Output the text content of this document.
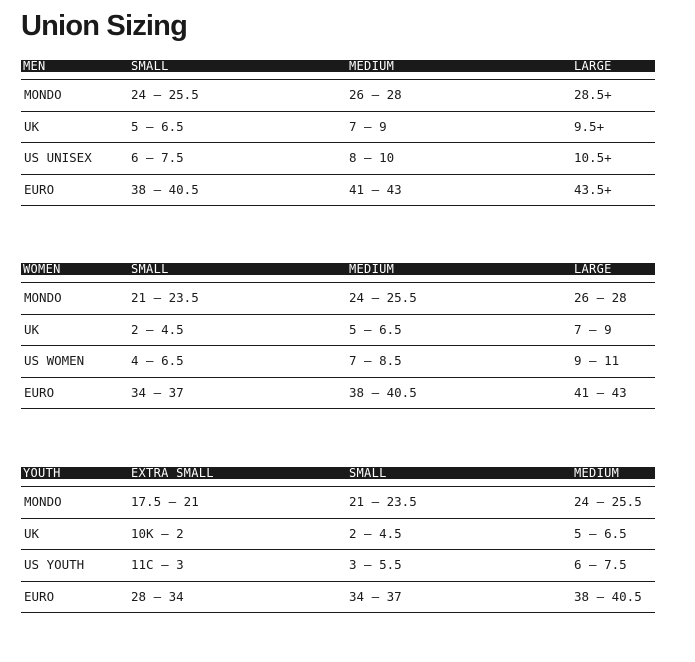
Union Sizing
MEN	SMALL	MEDIUM	LARGE
MONDO	24 – 25.5	26 – 28	28.5+
UK	5 – 6.5	7 – 9	9.5+
US UNISEX	6 – 7.5	8 – 10	10.5+
EURO	38 – 40.5	41 – 43	43.5+
WOMEN	SMALL	MEDIUM	LARGE
MONDO	21 – 23.5	24 – 25.5	26 – 28
UK	2 – 4.5	5 – 6.5	7 – 9
US WOMEN	4 – 6.5	7 – 8.5	9 – 11
EURO	34 – 37	38 – 40.5	41 – 43
YOUTH	EXTRA SMALL	SMALL	MEDIUM
MONDO	17.5 – 21	21 – 23.5	24 – 25.5
UK	10K – 2	2 – 4.5	5 – 6.5
US YOUTH	11C – 3	3 – 5.5	6 – 7.5
EURO	28 – 34	34 – 37	38 – 40.5
